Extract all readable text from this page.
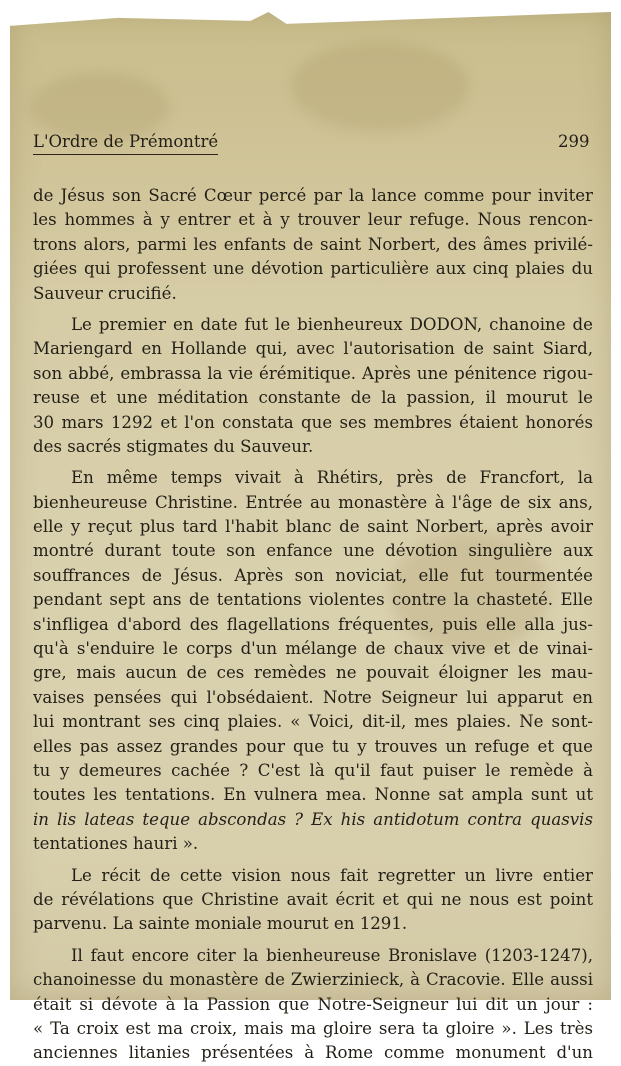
L'Ordre de Prémontré	299
de Jésus son Sacré Cœur percé par la lance comme pour inviter
les hommes à y entrer et à y trouver leur refuge. Nous rencon-
trons alors, parmi les enfants de saint Norbert, des âmes privilé-
giées qui professent une dévotion particulière aux cinq plaies du
Sauveur crucifié.
Le premier en date fut le bienheureux DODON, chanoine de
Mariengard en Hollande qui, avec l'autorisation de saint Siard,
son abbé, embrassa la vie érémitique. Après une pénitence rigou-
reuse et une méditation constante de la passion, il mourut le
30 mars 1292 et l'on constata que ses membres étaient honorés
des sacrés stigmates du Sauveur.
En même temps vivait à Rhétirs, près de Francfort, la
bienheureuse Christine. Entrée au monastère à l'âge de six ans,
elle y reçut plus tard l'habit blanc de saint Norbert, après avoir
montré durant toute son enfance une dévotion singulière aux
souffrances de Jésus. Après son noviciat, elle fut tourmentée
pendant sept ans de tentations violentes contre la chasteté. Elle
s'infligea d'abord des flagellations fréquentes, puis elle alla jus-
qu'à s'enduire le corps d'un mélange de chaux vive et de vinai-
gre, mais aucun de ces remèdes ne pouvait éloigner les mau-
vaises pensées qui l'obsédaient. Notre Seigneur lui apparut en
lui montrant ses cinq plaies. « Voici, dit-il, mes plaies. Ne sont-
elles pas assez grandes pour que tu y trouves un refuge et que
tu y demeures cachée ? C'est là qu'il faut puiser le remède à
toutes les tentations. En vulnera mea. Nonne sat ampla sunt ut
in lis lateas teque abscondas ? Ex his antidotum contra quasvis
tentationes hauri ».
Le récit de cette vision nous fait regretter un livre entier
de révélations que Christine avait écrit et qui ne nous est point
parvenu. La sainte moniale mourut en 1291.
Il faut encore citer la bienheureuse Bronislave (1203-1247),
chanoinesse du monastère de Zwierzinieck, à Cracovie. Elle aussi
était si dévote à la Passion que Notre-Seigneur lui dit un jour :
« Ta croix est ma croix, mais ma gloire sera ta gloire ». Les très
anciennes litanies présentées à Rome comme monument d'un
